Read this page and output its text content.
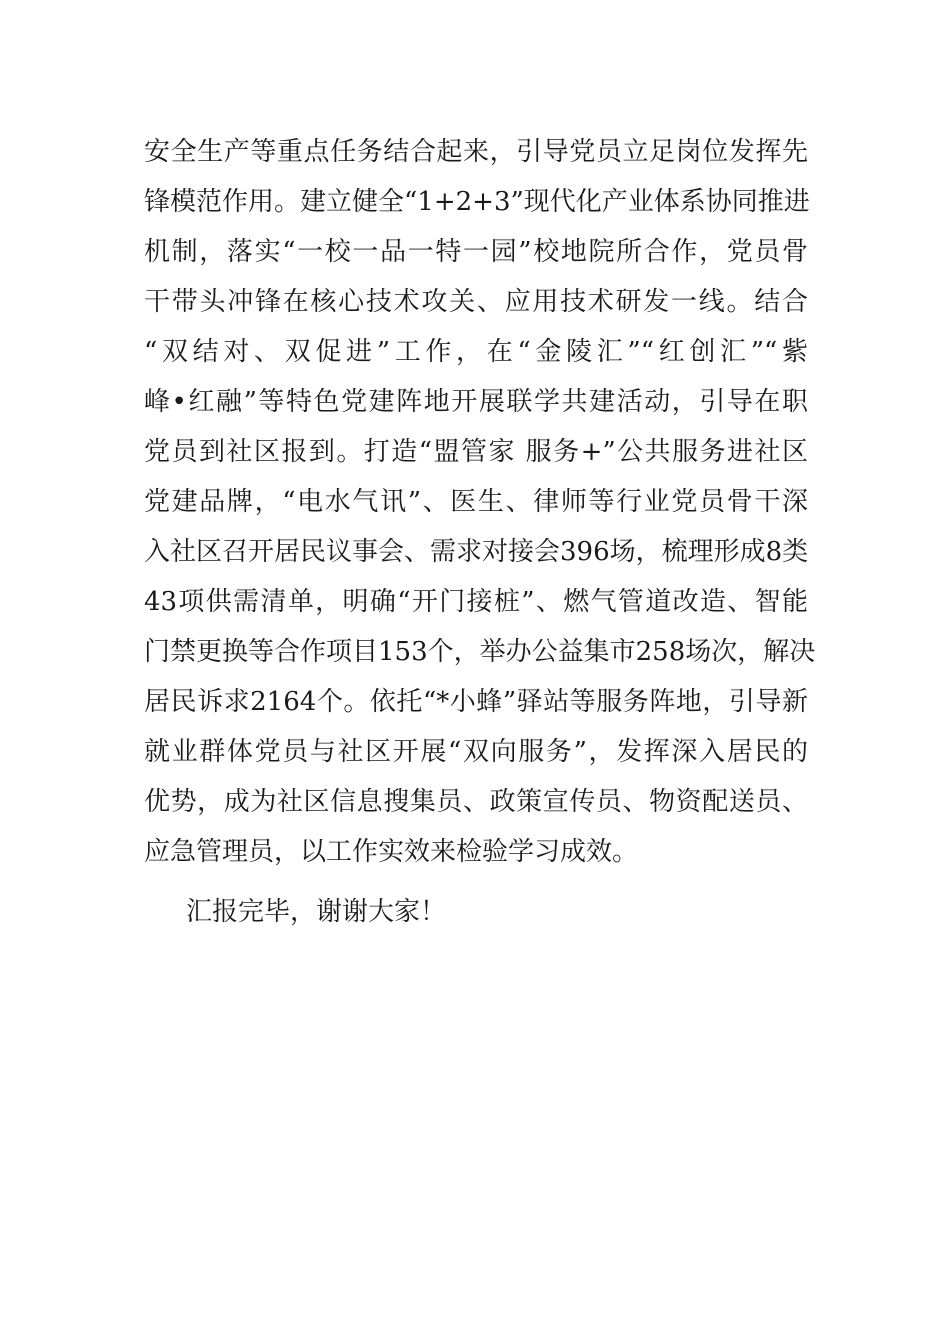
安全生产等重点任务结合起来，引导党员立足岗位发挥先
锋模范作用。建立健全“1+2+3”现代化产业体系协同推进
机制，落实“一校一品一特一园”校地院所合作，党员骨
干带头冲锋在核心技术攻关、应用技术研发一线。结合
“双结对、双促进”工作，在“金陵汇”“红创汇”“紫
峰•红融”等特色党建阵地开展联学共建活动，引导在职
党员到社区报到。打造“盟管家 服务+”公共服务进社区
党建品牌，“电水气讯”、医生、律师等行业党员骨干深
入社区召开居民议事会、需求对接会396场，梳理形成8类
43项供需清单，明确“开门接桩”、燃气管道改造、智能
门禁更换等合作项目153个，举办公益集市258场次，解决
居民诉求2164个。依托“*小蜂”驿站等服务阵地，引导新
就业群体党员与社区开展“双向服务”，发挥深入居民的
优势，成为社区信息搜集员、政策宣传员、物资配送员、
应急管理员，以工作实效来检验学习成效。
汇报完毕，谢谢大家！
